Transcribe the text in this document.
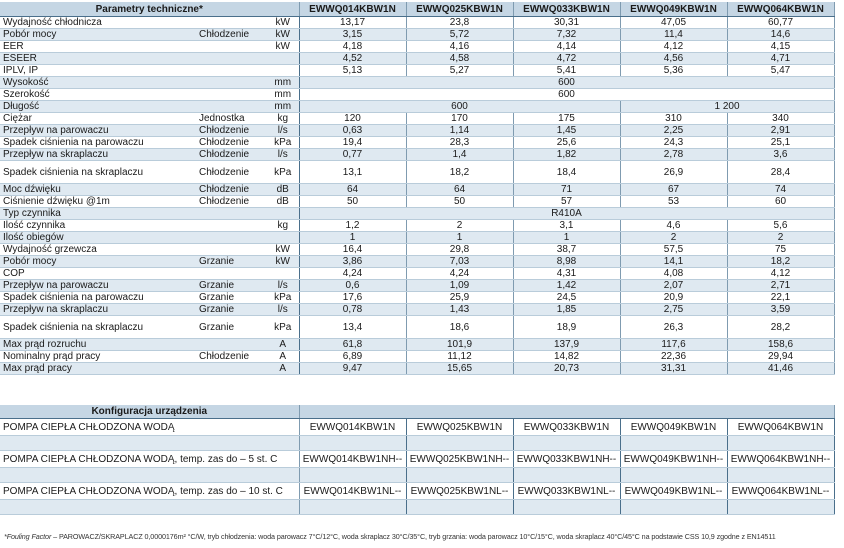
Parametry techniczne*			EWWQ014KBW1N	EWWQ025KBW1N	EWWQ033KBW1N	EWWQ049KBW1N	EWWQ064KBW1N
Wydajność chłodnicza		kW	13,17	23,8	30,31	47,05	60,77
Pobór mocy	Chłodzenie	kW	3,15	5,72	7,32	11,4	14,6
EER		kW	4,18	4,16	4,14	4,12	4,15
ESEER			4,52	4,58	4,72	4,56	4,71
IPLV, IP			5,13	5,27	5,41	5,36	5,47
Wysokość		mm	600				
Szerokość		mm	600				
Długość		mm	600			1 200	
Ciężar	Jednostka	kg	120	170	175	310	340
Przepływ na parowaczu	Chłodzenie	l/s	0,63	1,14	1,45	2,25	2,91
Spadek ciśnienia na parowaczu	Chłodzenie	kPa	19,4	28,3	25,6	24,3	25,1
Przepływ na skraplaczu	Chłodzenie	l/s	0,77	1,4	1,82	2,78	3,6
Spadek ciśnienia na skraplaczu	Chłodzenie	kPa	13,1	18,2	18,4	26,9	28,4
Moc dźwięku	Chłodzenie	dB	64	64	71	67	74
Ciśnienie dźwięku @1m	Chłodzenie	dB	50	50	57	53	60
Typ czynnika			R410A				
Ilość czynnika		kg	1,2	2	3,1	4,6	5,6
Ilość obiegów			1	1	1	2	2
Wydajność grzewcza		kW	16,4	29,8	38,7	57,5	75
Pobór mocy	Grzanie	kW	3,86	7,03	8,98	14,1	18,2
COP			4,24	4,24	4,31	4,08	4,12
Przepływ na parowaczu	Grzanie	l/s	0,6	1,09	1,42	2,07	2,71
Spadek ciśnienia na parowaczu	Grzanie	kPa	17,6	25,9	24,5	20,9	22,1
Przepływ na skraplaczu	Grzanie	l/s	0,78	1,43	1,85	2,75	3,59
Spadek ciśnienia na skraplaczu	Grzanie	kPa	13,4	18,6	18,9	26,3	28,2
Max prąd rozruchu		A	61,8	101,9	137,9	117,6	158,6
Nominalny prąd pracy	Chłodzenie	A	6,89	11,12	14,82	22,36	29,94
Max prąd pracy		A	9,47	15,65	20,73	31,31	41,46
Konfiguracja urządzenia					
POMPA CIEPŁA CHŁODZONA WODĄ	EWWQ014KBW1N	EWWQ025KBW1N	EWWQ033KBW1N	EWWQ049KBW1N	EWWQ064KBW1N

POMPA CIEPŁA CHŁODZONA WODĄ, temp. zas do – 5 st. C	EWWQ014KBW1NH--	EWWQ025KBW1NH--	EWWQ033KBW1NH--	EWWQ049KBW1NH--	EWWQ064KBW1NH--

POMPA CIEPŁA CHŁODZONA WODĄ, temp. zas do – 10 st. C	EWWQ014KBW1NL--	EWWQ025KBW1NL--	EWWQ033KBW1NL--	EWWQ049KBW1NL--	EWWQ064KBW1NL--

*Fouling Factor – PAROWACZ/SKRAPLACZ 0,0000176m² °C/W, tryb chłodzenia: woda parowacz 7°C/12°C, woda skraplacz 30°C/35°C, tryb grzania: woda parowacz 10°C/15°C, woda skraplacz 40°C/45°C na podstawie CSS 10,9 zgodne z EN14511
